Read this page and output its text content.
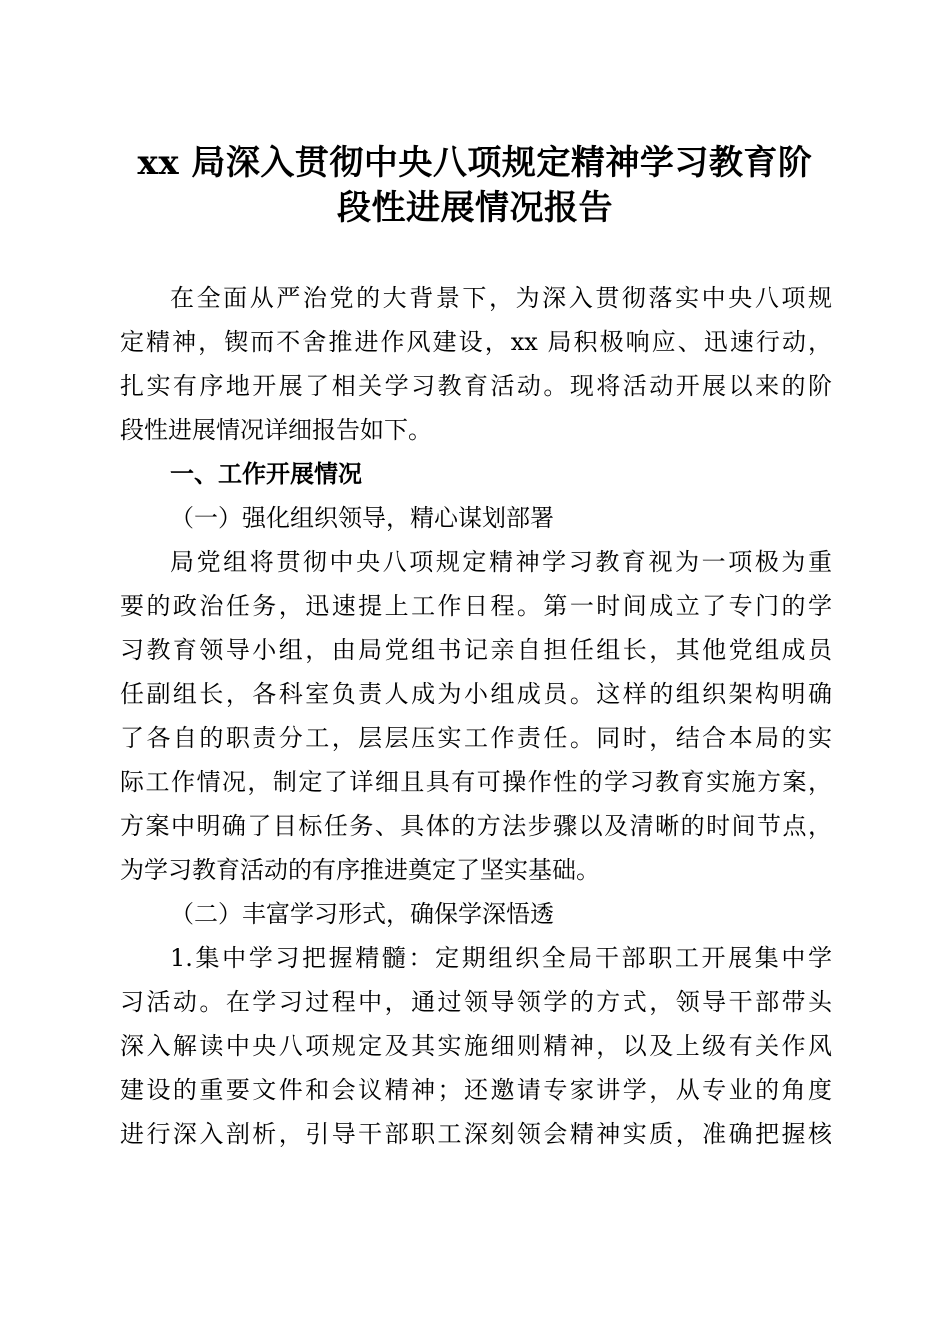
xx 局深入贯彻中央八项规定精神学习教育阶
段性进展情况报告

在全面从严治党的大背景下，为深入贯彻落实中央八项规

定精神，锲而不舍推进作风建设，xx 局积极响应、迅速行动，

扎实有序地开展了相关学习教育活动。现将活动开展以来的阶

段性进展情况详细报告如下。

一、工作开展情况

（一）强化组织领导，精心谋划部署

局党组将贯彻中央八项规定精神学习教育视为一项极为重

要的政治任务，迅速提上工作日程。第一时间成立了专门的学

习教育领导小组，由局党组书记亲自担任组长，其他党组成员

任副组长，各科室负责人成为小组成员。这样的组织架构明确

了各自的职责分工，层层压实工作责任。同时，结合本局的实

际工作情况，制定了详细且具有可操作性的学习教育实施方案，

方案中明确了目标任务、具体的方法步骤以及清晰的时间节点，

为学习教育活动的有序推进奠定了坚实基础。

（二）丰富学习形式，确保学深悟透

1.集中学习把握精髓：定期组织全局干部职工开展集中学

习活动。在学习过程中，通过领导领学的方式，领导干部带头

深入解读中央八项规定及其实施细则精神，以及上级有关作风

建设的重要文件和会议精神；还邀请专家讲学，从专业的角度

进行深入剖析，引导干部职工深刻领会精神实质，准确把握核
